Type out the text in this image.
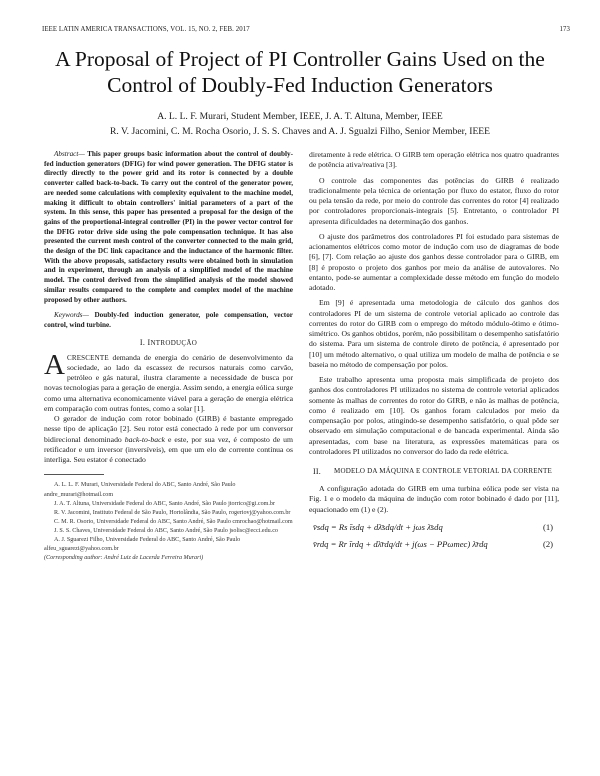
IEEE LATIN AMERICA TRANSACTIONS, VOL. 15, NO. 2, FEB. 2017	173
A Proposal of Project of PI Controller Gains Used on the Control of Doubly-Fed Induction Generators
A. L. L. F. Murari, Student Member, IEEE, J. A. T. Altuna, Member, IEEE
R. V. Jacomini, C. M. Rocha Osorio, J. S. S. Chaves and A. J. Sgualzi Filho, Senior Member, IEEE

Abstract— This paper groups basic information about the control of doubly-fed induction generators (DFIG) for wind power generation. The DFIG stator is directly directly to the power grid and its rotor is connected by a double converter called back-to-back. To carry out the control of the generator power, are needed some calculations with complexity equivalent to the machine model, making it difficult to obtain controllers' initial parameters of a part of the system. In this sense, this paper has presented a proposal for the design of the gains of the proportional-integral controller (PI) in the power vector control for the DFIG rotor drive side using the pole compensation technique. It has also presented the current mesh control of the converter connected to the main grid, the design of the DC link capacitance and the inductance of the harmonic filter. With the above proposals, satisfactory results were obtained both in simulation and in experiment, through an analysis of a simplified model of the machine model. The control derived from the simplified analysis of the model showed similar results compared to the complete and complex model of the machine proposed by other authors.

Keywords— Doubly-fed induction generator, pole compensation, vector control, wind turbine.

I. INTRODUÇÃO

ACRESCENTE demanda de energia do cenário de desenvolvimento da sociedade, ao lado da escassez de recursos naturais como carvão, petróleo e gás natural, ilustra claramente a necessidade de busca por novas tecnologias para a geração de energia. Assim sendo, a energia eólica surge como uma alternativa economicamente viável para a geração de energia elétrica em comparação com outras fontes, como a solar [1].

O gerador de indução com rotor bobinado (GIRB) é bastante empregado nesse tipo de aplicação [2]. Seu rotor está conectado à rede por um conversor bidirecional denominado back-to-back e este, por sua vez, é composto de um retificador e um inversor (inversíveis), em que um elo de corrente contínua os interliga. Seu estator é conectado

A. L. L. F. Murari, Universidade Federal do ABC, Santo André, São Paulo andre_murari@hotmail.com

J. A. T. Altuna, Universidade Federal do ABC, Santo André, São Paulo jtorrico@gi.com.br

R. V. Jacomini, Instituto Federal de São Paulo, Hortolândia, São Paulo, rogeriovj@yahoo.com.br

C. M. R. Osorio, Universidade Federal do ABC, Santo André, São Paulo cmrochao@hotmail.com

J. S. S. Chaves, Universidade Federal do ABC, Santo André, São Paulo jsolisc@ecci.edu.co

A. J. Sguarezi Filho, Universidade Federal do ABC, Santo André, São Paulo alfeu_sguarezi@yahoo.com.br

(Corresponding author: André Luiz de Lacerda Ferreira Murari)

diretamente à rede elétrica. O GIRB tem operação elétrica nos quatro quadrantes de potência ativa/reativa [3].

O controle das componentes das potências do GIRB é realizado tradicionalmente pela técnica de orientação por fluxo do estator, fluxo do rotor ou pela tensão da rede, por meio do controle das correntes do rotor [4] realizado por controladores proporcionais-integrais [5]. Entretanto, o controlador PI apresenta dificuldades na determinação dos ganhos.

O ajuste dos parâmetros dos controladores PI foi estudado para sistemas de acionamentos elétricos como motor de indução com uso de diagramas de bode [6], [7]. Com relação ao ajuste dos ganhos desse controlador para o GIRB, em [8] é proposto o projeto dos ganhos por meio da análise de autovalores. No entanto, pode-se aumentar a complexidade desse método em função do modelo adotado.

Em [9] é apresentada uma metodologia de cálculo dos ganhos dos controladores PI de um sistema de controle vetorial aplicado ao controle das correntes do rotor do GIRB com o emprego do método módulo-ótimo e ótimo-simétrico. Os ganhos obtidos, porém, não possibilitam o desempenho satisfatório do sistema. Para um sistema de controle direto de potência, é apresentado por [10] um método alternativo, o qual utiliza um modelo de malha de potência e se baseia no método de compensação por polos.

Este trabalho apresenta uma proposta mais simplificada de projeto dos ganhos dos controladores PI utilizados no sistema de controle vetorial aplicados somente às malhas de correntes do rotor do GIRB, e não às malhas de potência, como é realizado em [10]. Os ganhos foram calculados por meio da compensação por polos, atingindo-se desempenho satisfatório, o qual pôde ser observado em simulação computacional e de bancada experimental. Ainda são apresentadas, com base na literatura, as expressões matemáticas para os controladores PI utilizados no conversor do lado da rede elétrica.

II. MODELO DA MÁQUINA E CONTROLE VETORIAL DA CORRENTE

A configuração adotada do GIRB em uma turbina eólica pode ser vista na Fig. 1 e o modelo da máquina de indução com rotor bobinado é dado por [11], equacionado em (1) e (2).

v̄sdq = Rs īsdq + dλ̄sdq/dt + jωs λ̄sdq	(1)
v̄rdq = Rr īrdq + dλ̄rdq/dt + j(ωs − PPωmec) λ̄rdq	(2)
